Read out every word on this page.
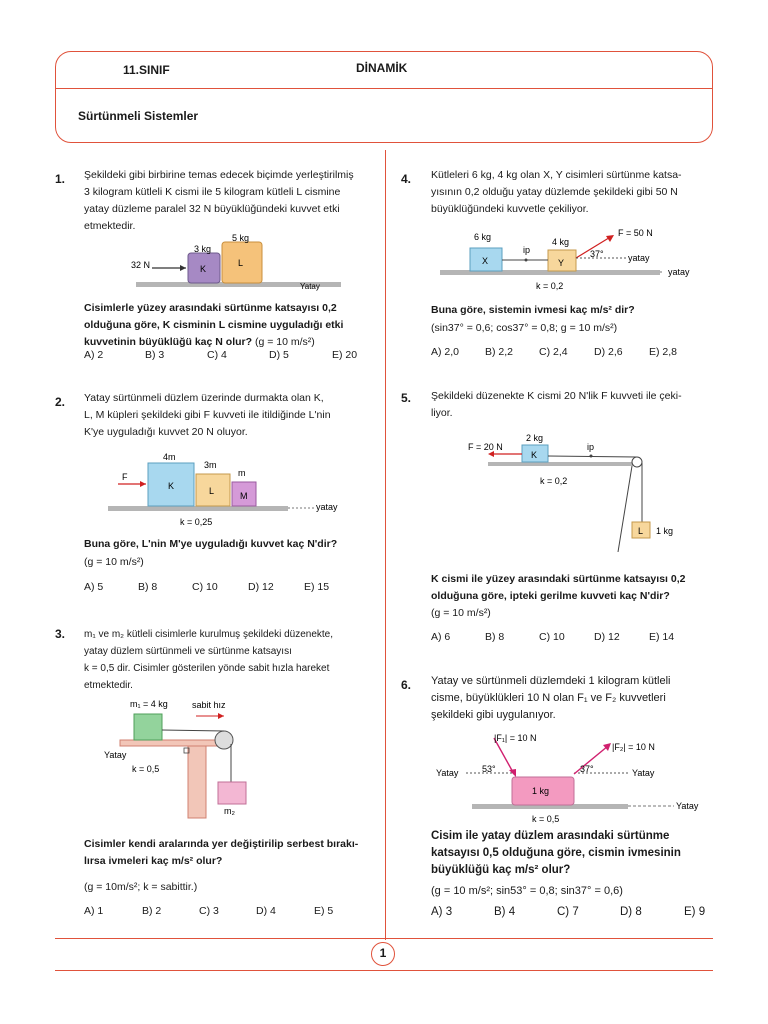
11.SINIF	DİNAMİK
Sürtünmeli Sistemler
1. Şekildeki gibi birbirine temas edecek biçimde yerleştirilmiş
3 kilogram kütleli K cismi ile 5 kilogram kütleli L cismine
yatay düzleme paralel 32 N büyüklüğündeki kuvvet etki
etmektedir.
32 N
3 kg
5 kg
K
L
Yatay
Cisimlerle yüzey arasındaki sürtünme katsayısı 0,2
olduğuna göre, K cisminin L cismine uyguladığı etki
kuvvetinin büyüklüğü kaç N olur? (g = 10 m/s²)
A) 2	B) 3	C) 4	D) 5	E) 20
2. Yatay sürtünmeli düzlem üzerinde durmakta olan K,
L, M küpleri şekildeki gibi F kuvveti ile itildiğinde L'nin
K'ye uyguladığı kuvvet 20 N oluyor.
F
4m
3m
m
K	L	M
yatay
k = 0,25
Buna göre, L'nin M'ye uyguladığı kuvvet kaç N'dir?
(g = 10 m/s²)
A) 5	B) 8	C) 10	D) 12	E) 15
3. m₁ ve m₂ kütleli cisimlerle kurulmuş şekildeki düzenekte,
yatay düzlem sürtünmeli ve sürtünme katsayısı
k = 0,5 dir. Cisimler gösterilen yönde sabit hızla hareket
etmektedir.
m₁ = 4 kg	sabit hız
Yatay
k = 0,5
m₂
Cisimler kendi aralarında yer değiştirilip serbest bırakı-
lırsa ivmeleri kaç m/s² olur?
(g = 10m/s²; k = sabittir.)
A) 1	B) 2	C) 3	D) 4	E) 5
4. Kütleleri 6 kg, 4 kg olan X, Y cisimleri sürtünme katsa-
yısının 0,2 olduğu yatay düzlemde şekildeki gibi 50 N
büyüklüğündeki kuvvetle çekiliyor.
6 kg	4 kg
X	Y
ip
F = 50 N
37°	yatay
yatay
k = 0,2
Buna göre, sistemin ivmesi kaç m/s² dir?
(sin37° = 0,6; cos37° = 0,8; g = 10 m/s²)
A) 2,0	B) 2,2	C) 2,4	D) 2,6	E) 2,8
5. Şekildeki düzenekte K cismi 20 N'lik F kuvveti ile çeki-
liyor.
F = 20 N
2 kg
K
ip
k = 0,2
L 1 kg
K cismi ile yüzey arasındaki sürtünme katsayısı 0,2
olduğuna göre, ipteki gerilme kuvveti kaç N'dir?
(g = 10 m/s²)
A) 6	B) 8	C) 10	D) 12	E) 14
6. Yatay ve sürtünmeli düzlemdeki 1 kilogram kütleli
cisme, büyüklükleri 10 N olan F₁ ve F₂ kuvvetleri
şekildeki gibi uygulanıyor.
|F₁| = 10 N
|F₂| = 10 N
53°	37°
Yatay	Yatay
Yatay
1 kg
k = 0,5
Cisim ile yatay düzlem arasındaki sürtünme
katsayısı 0,5 olduğuna göre, cismin ivmesinin
büyüklüğü kaç m/s² olur?
(g = 10 m/s²; sin53° = 0,8; sin37° = 0,6)
A) 3	B) 4	C) 7	D) 8	E) 9
1
